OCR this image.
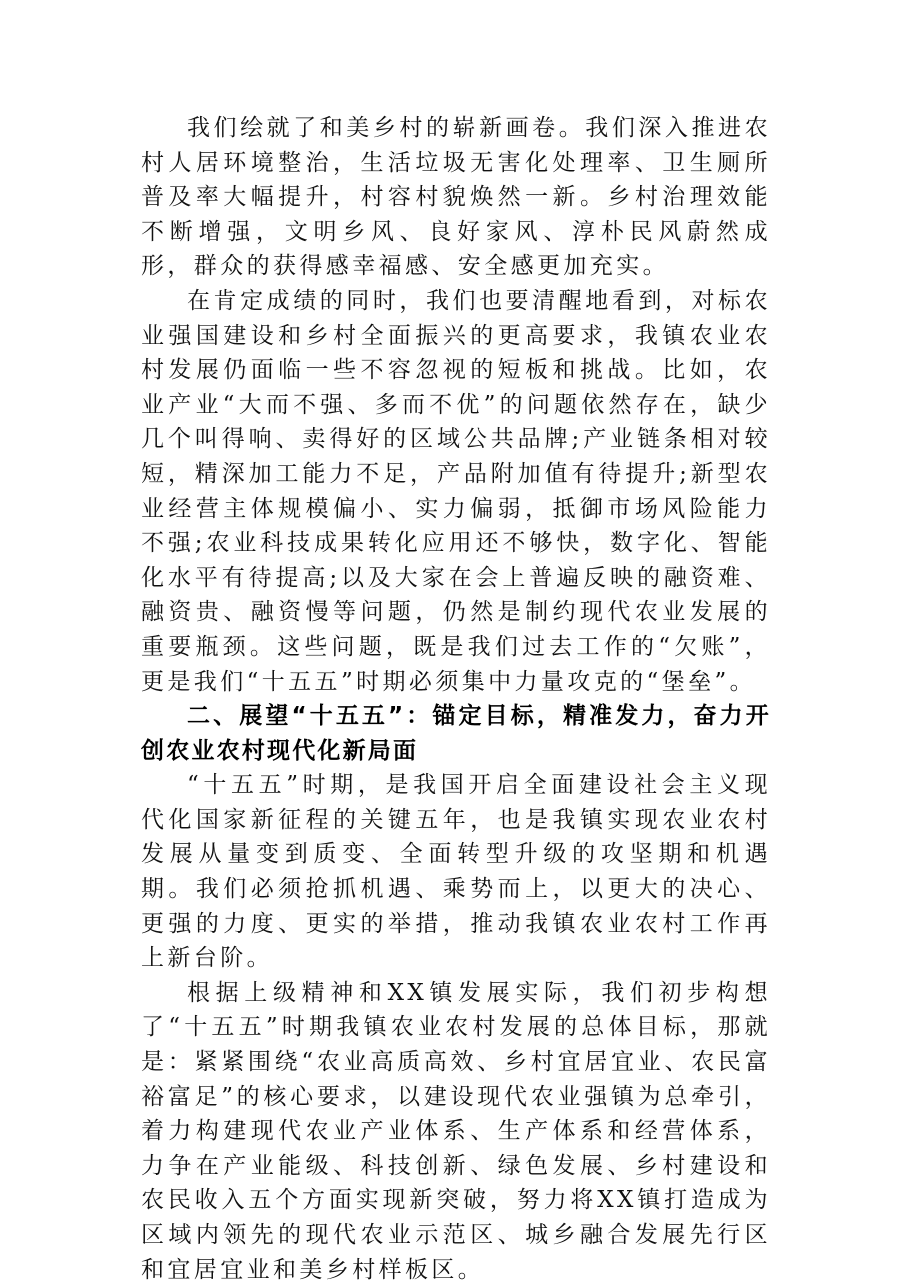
我们绘就了和美乡村的崭新画卷。我们深入推进农村人居环境整治，生活垃圾无害化处理率、卫生厕所普及率大幅提升，村容村貌焕然一新。乡村治理效能不断增强，文明乡风、良好家风、淳朴民风蔚然成形，群众的获得感幸福感、安全感更加充实。

在肯定成绩的同时，我们也要清醒地看到，对标农业强国建设和乡村全面振兴的更高要求，我镇农业农村发展仍面临一些不容忽视的短板和挑战。比如，农业产业“大而不强、多而不优”的问题依然存在，缺少几个叫得响、卖得好的区域公共品牌;产业链条相对较短，精深加工能力不足，产品附加值有待提升;新型农业经营主体规模偏小、实力偏弱，抵御市场风险能力不强;农业科技成果转化应用还不够快，数字化、智能化水平有待提高;以及大家在会上普遍反映的融资难、融资贵、融资慢等问题，仍然是制约现代农业发展的重要瓶颈。这些问题，既是我们过去工作的“欠账”，更是我们“十五五”时期必须集中力量攻克的“堡垒”。

二、展望“十五五”：锚定目标，精准发力，奋力开创农业农村现代化新局面

“十五五”时期，是我国开启全面建设社会主义现代化国家新征程的关键五年，也是我镇实现农业农村发展从量变到质变、全面转型升级的攻坚期和机遇期。我们必须抢抓机遇、乘势而上，以更大的决心、更强的力度、更实的举措，推动我镇农业农村工作再上新台阶。

根据上级精神和XX镇发展实际，我们初步构想了“十五五”时期我镇农业农村发展的总体目标，那就是：紧紧围绕“农业高质高效、乡村宜居宜业、农民富裕富足”的核心要求，以建设现代农业强镇为总牵引，着力构建现代农业产业体系、生产体系和经营体系，力争在产业能级、科技创新、绿色发展、乡村建设和农民收入五个方面实现新突破，努力将XX镇打造成为区域内领先的现代农业示范区、城乡融合发展先行区和宜居宜业和美乡村样板区。
